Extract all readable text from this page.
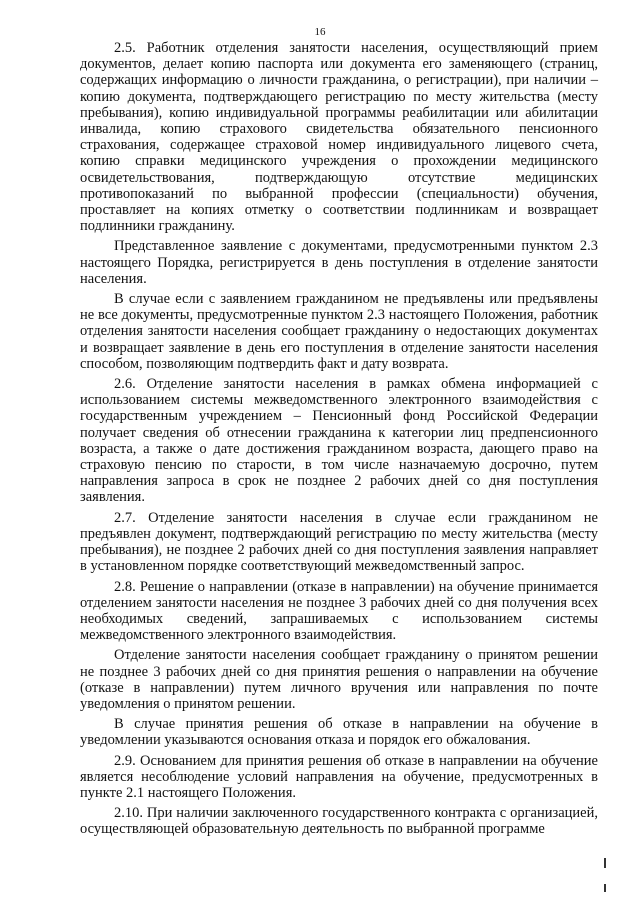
16

2.5. Работник отделения занятости населения, осуществляющий прием документов, делает копию паспорта или документа его заменяющего (страниц, содержащих информацию о личности гражданина, о регистрации), при наличии – копию документа, подтверждающего регистрацию по месту жительства (месту пребывания), копию индивидуальной программы реабилитации или абилитации инвалида, копию страхового свидетельства обязательного пенсионного страхования, содержащее страховой номер индивидуального лицевого счета, копию справки медицинского учреждения о прохождении медицинского освидетельствования, подтверждающую отсутствие медицинских противопоказаний по выбранной профессии (специальности) обучения, проставляет на копиях отметку о соответствии подлинникам и возвращает подлинники гражданину.

Представленное заявление с документами, предусмотренными пунктом 2.3 настоящего Порядка, регистрируется в день поступления в отделение занятости населения.

В случае если с заявлением гражданином не предъявлены или предъявлены не все документы, предусмотренные пунктом 2.3 настоящего Положения, работник отделения занятости населения сообщает гражданину о недостающих документах и возвращает заявление в день его поступления в отделение занятости населения способом, позволяющим подтвердить факт и дату возврата.

2.6. Отделение занятости населения в рамках обмена информацией с использованием системы межведомственного электронного взаимодействия с государственным учреждением – Пенсионный фонд Российской Федерации получает сведения об отнесении гражданина к категории лиц предпенсионного возраста, а также о дате достижения гражданином возраста, дающего право на страховую пенсию по старости, в том числе назначаемую досрочно, путем направления запроса в срок не позднее 2 рабочих дней со дня поступления заявления.

2.7. Отделение занятости населения в случае если гражданином не предъявлен документ, подтверждающий регистрацию по месту жительства (месту пребывания), не позднее 2 рабочих дней со дня поступления заявления направляет в установленном порядке соответствующий межведомственный запрос.

2.8. Решение о направлении (отказе в направлении) на обучение принимается отделением занятости населения не позднее 3 рабочих дней со дня получения всех необходимых сведений, запрашиваемых с использованием системы межведомственного электронного взаимодействия.

Отделение занятости населения сообщает гражданину о принятом решении не позднее 3 рабочих дней со дня принятия решения о направлении на обучение (отказе в направлении) путем личного вручения или направления по почте уведомления о принятом решении.

В случае принятия решения об отказе в направлении на обучение в уведомлении указываются основания отказа и порядок его обжалования.

2.9. Основанием для принятия решения об отказе в направлении на обучение является несоблюдение условий направления на обучение, предусмотренных в пункте 2.1 настоящего Положения.

2.10. При наличии заключенного государственного контракта с организацией, осуществляющей образовательную деятельность по выбранной программе
